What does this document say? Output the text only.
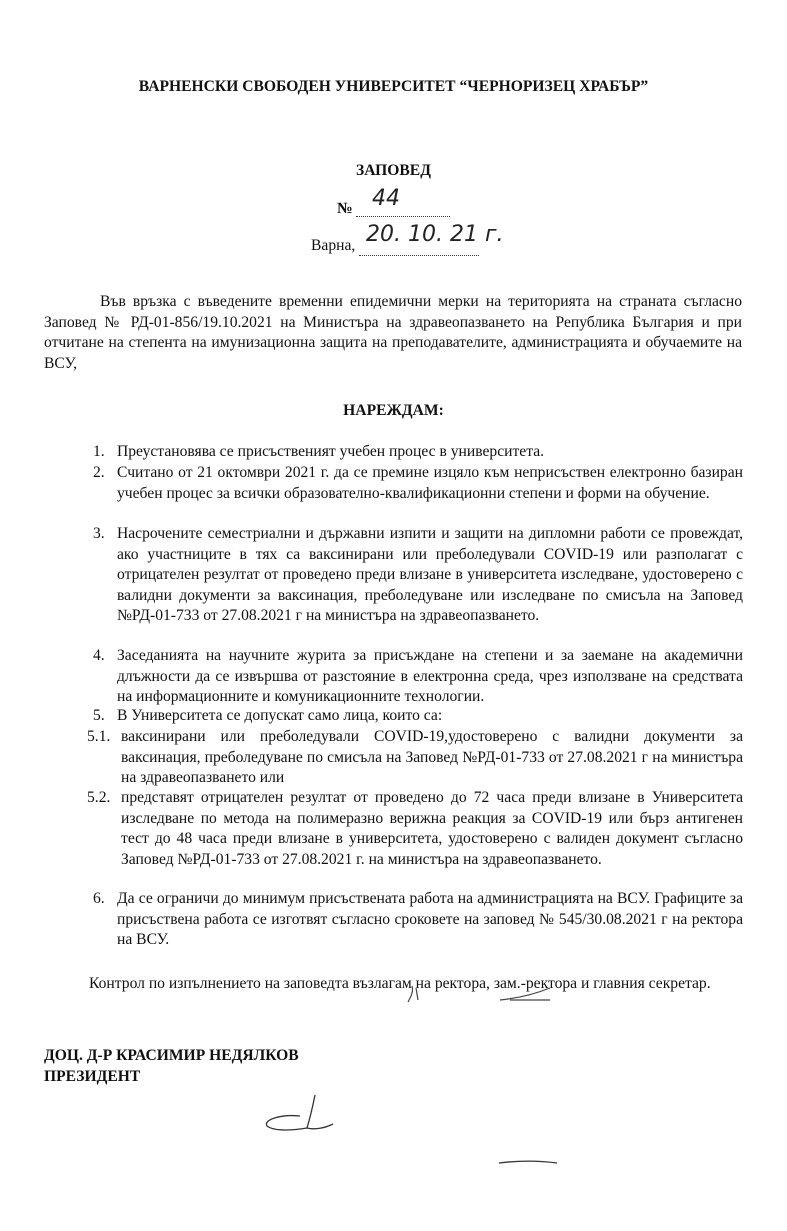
ВАРНЕНСКИ СВОБОДЕН УНИВЕРСИТЕТ “ЧЕРНОРИЗЕЦ ХРАБЪР”
ЗАПОВЕД
№ 44
Варна, 20. 10. 21 г.
Във връзка с въведените временни епидемични мерки на територията на страната съгласно Заповед № РД-01-856/19.10.2021 на Министъра на здравеопазването на Република България и при отчитане на степента на имунизационна защита на преподавателите, администрацията и обучаемите на ВСУ,
НАРЕЖДАМ:
1. Преустановява се присъственият учебен процес в университета.
2. Считано от 21 октомври 2021 г. да се премине изцяло към неприсъствен електронно базиран учебен процес за всички образователно-квалификационни степени и форми на обучение.
3. Насрочените семестриални и държавни изпити и защити на дипломни работи се провеждат, ако участниците в тях са ваксинирани или преболедували COVID-19 или разполагат с отрицателен резултат от проведено преди влизане в университета изследване, удостоверено с валидни документи за ваксинация, преболедуване или изследване по смисъла на Заповед №РД-01-733 от 27.08.2021 г на министъра на здравеопазването.
4. Заседанията на научните журита за присъждане на степени и за заемане на академични длъжности да се извършва от разстояние в електронна среда, чрез използване на средствата на информационните и комуникационните технологии.
5. В Университета се допускат само лица, които са:
5.1. ваксинирани или преболедували COVID-19,удостоверено с валидни документи за ваксинация, преболедуване по смисъла на Заповед №РД-01-733 от 27.08.2021 г на министъра на здравеопазването или
5.2. представят отрицателен резултат от проведено до 72 часа преди влизане в Университета изследване по метода на полимеразно верижна реакция за COVID-19 или бърз антигенен тест до 48 часа преди влизане в университета, удостоверено с валиден документ съгласно Заповед №РД-01-733 от 27.08.2021 г. на министъра на здравеопазването.
6. Да се ограничи до минимум присъствената работа на администрацията на ВСУ. Графиците за присъствена работа се изготвят съгласно сроковете на заповед № 545/30.08.2021 г на ректора на ВСУ.
Контрол по изпълнението на заповедта възлагам на ректора, зам.-ректора и главния секретар.
ДОЦ. Д-Р КРАСИМИР НЕДЯЛКОВ
ПРЕЗИДЕНТ
